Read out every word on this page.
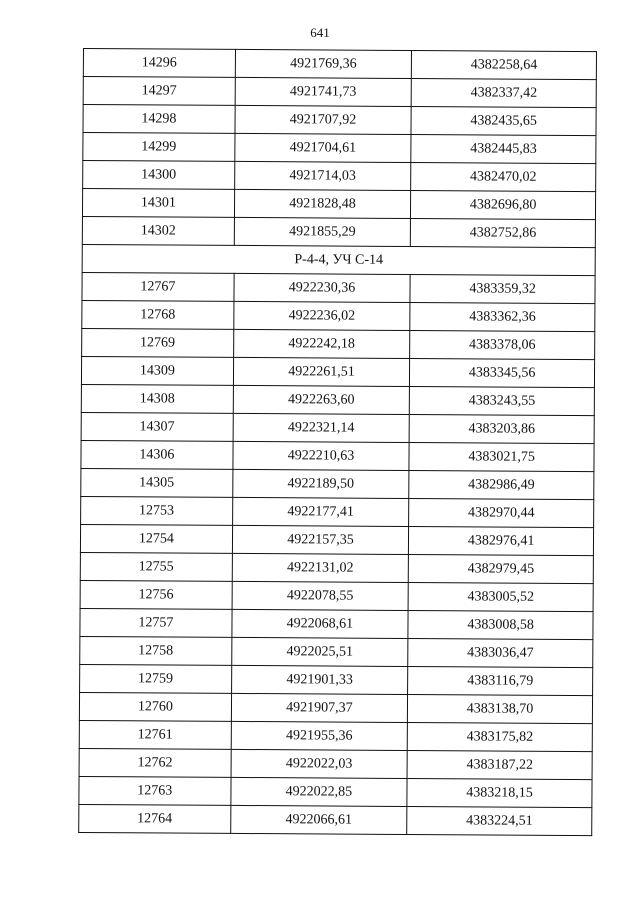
641
14296	4921769,36	4382258,64
14297	4921741,73	4382337,42
14298	4921707,92	4382435,65
14299	4921704,61	4382445,83
14300	4921714,03	4382470,02
14301	4921828,48	4382696,80
14302	4921855,29	4382752,86
Р-4-4, УЧ С-14		
12767	4922230,36	4383359,32
12768	4922236,02	4383362,36
12769	4922242,18	4383378,06
14309	4922261,51	4383345,56
14308	4922263,60	4383243,55
14307	4922321,14	4383203,86
14306	4922210,63	4383021,75
14305	4922189,50	4382986,49
12753	4922177,41	4382970,44
12754	4922157,35	4382976,41
12755	4922131,02	4382979,45
12756	4922078,55	4383005,52
12757	4922068,61	4383008,58
12758	4922025,51	4383036,47
12759	4921901,33	4383116,79
12760	4921907,37	4383138,70
12761	4921955,36	4383175,82
12762	4922022,03	4383187,22
12763	4922022,85	4383218,15
12764	4922066,61	4383224,51
